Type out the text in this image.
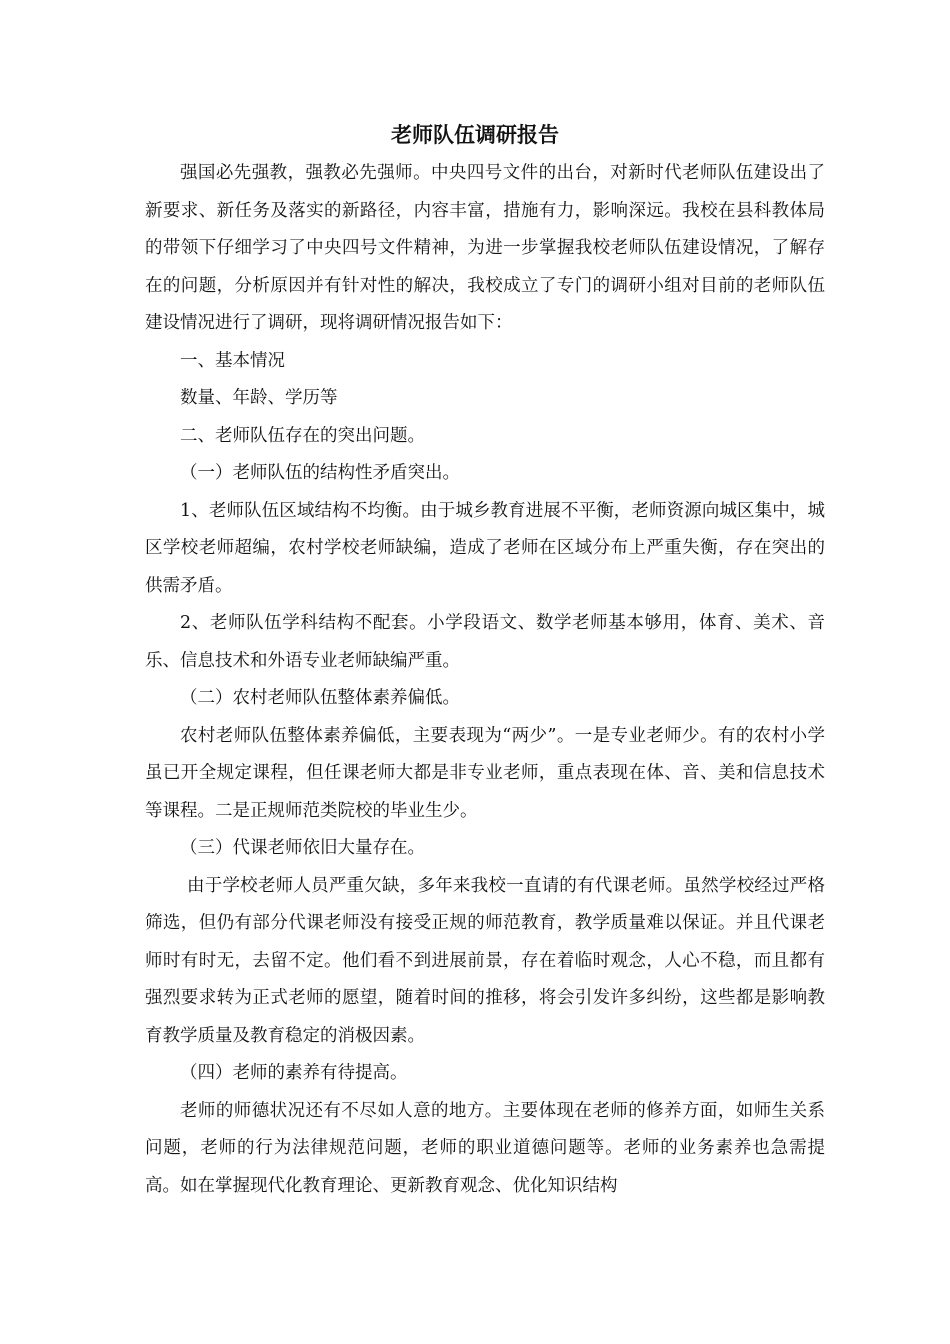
老师队伍调研报告

强国必先强教，强教必先强师。中央四号文件的出台，对新时代老师队伍建设出了新要求、新任务及落实的新路径，内容丰富，措施有力，影响深远。我校在县科教体局的带领下仔细学习了中央四号文件精神，为进一步掌握我校老师队伍建设情况，了解存在的问题，分析原因并有针对性的解决，我校成立了专门的调研小组对目前的老师队伍建设情况进行了调研，现将调研情况报告如下：

一、基本情况

数量、年龄、学历等

二、老师队伍存在的突出问题。

（一）老师队伍的结构性矛盾突出。

1、老师队伍区域结构不均衡。由于城乡教育进展不平衡，老师资源向城区集中，城区学校老师超编，农村学校老师缺编，造成了老师在区域分布上严重失衡，存在突出的供需矛盾。

2、老师队伍学科结构不配套。小学段语文、数学老师基本够用，体育、美术、音乐、信息技术和外语专业老师缺编严重。

（二）农村老师队伍整体素养偏低。

农村老师队伍整体素养偏低，主要表现为“两少”。一是专业老师少。有的农村小学虽已开全规定课程，但任课老师大都是非专业老师，重点表现在体、音、美和信息技术等课程。二是正规师范类院校的毕业生少。

（三）代课老师依旧大量存在。

由于学校老师人员严重欠缺，多年来我校一直请的有代课老师。虽然学校经过严格筛选，但仍有部分代课老师没有接受正规的师范教育，教学质量难以保证。并且代课老师时有时无，去留不定。他们看不到进展前景，存在着临时观念，人心不稳，而且都有强烈要求转为正式老师的愿望，随着时间的推移，将会引发许多纠纷，这些都是影响教育教学质量及教育稳定的消极因素。

（四）老师的素养有待提高。

老师的师德状况还有不尽如人意的地方。主要体现在老师的修养方面，如师生关系问题，老师的行为法律规范问题，老师的职业道德问题等。老师的业务素养也急需提高。如在掌握现代化教育理论、更新教育观念、优化知识结构
